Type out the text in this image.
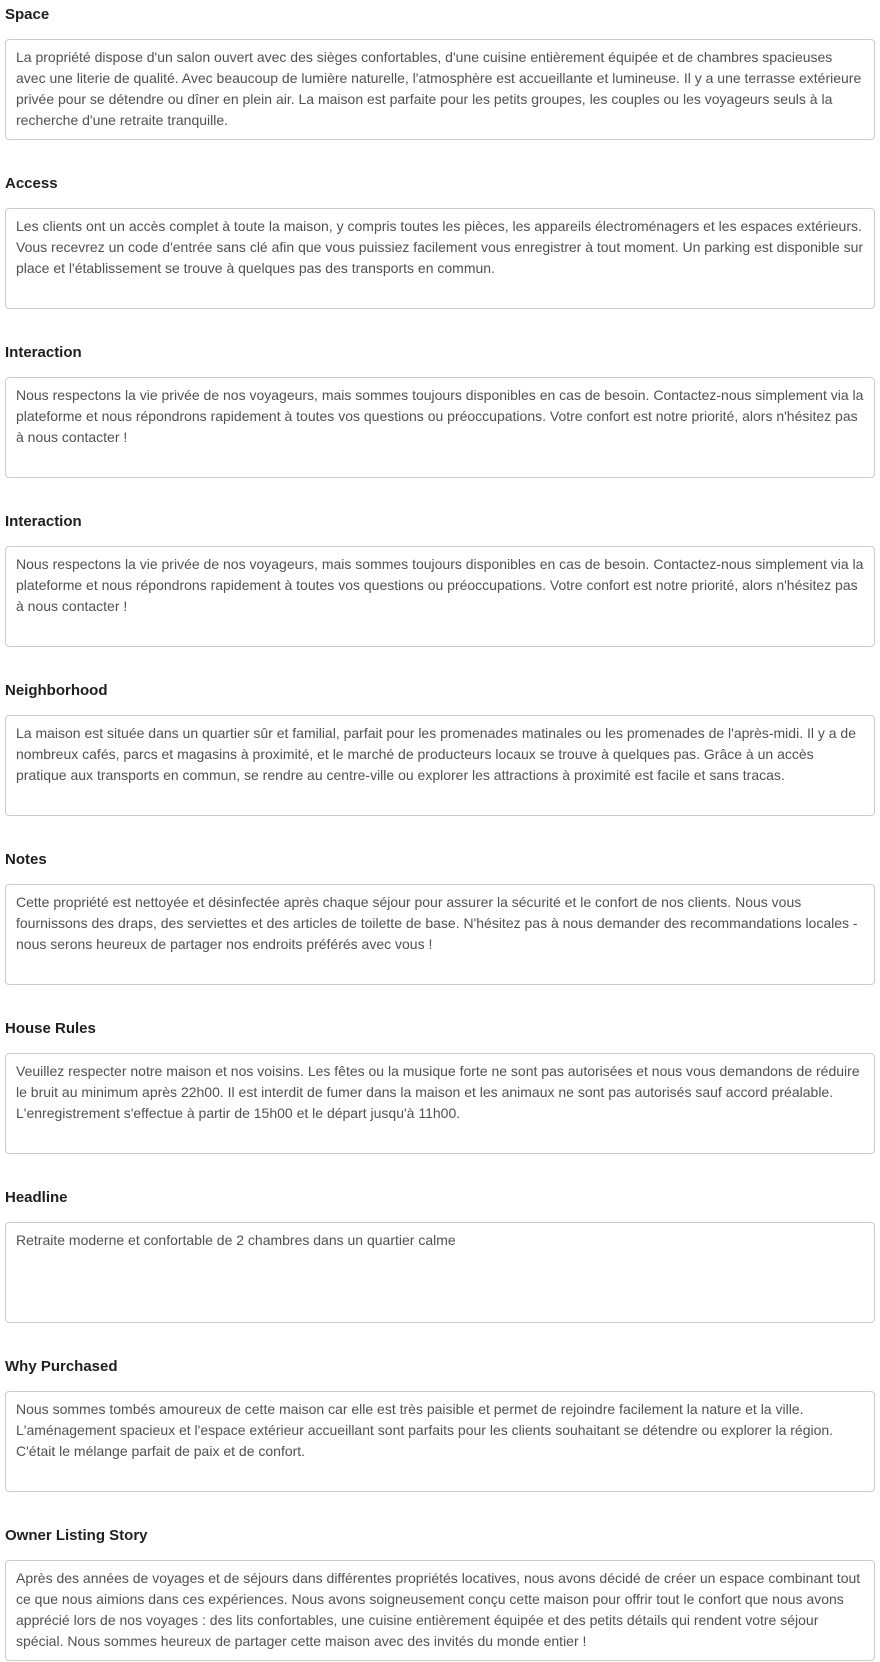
Space
La propriété dispose d'un salon ouvert avec des sièges confortables, d'une cuisine entièrement équipée et de chambres spacieuses avec une literie de qualité. Avec beaucoup de lumière naturelle, l'atmosphère est accueillante et lumineuse. Il y a une terrasse extérieure privée pour se détendre ou dîner en plein air. La maison est parfaite pour les petits groupes, les couples ou les voyageurs seuls à la recherche d'une retraite tranquille.
Access
Les clients ont un accès complet à toute la maison, y compris toutes les pièces, les appareils électroménagers et les espaces extérieurs. Vous recevrez un code d'entrée sans clé afin que vous puissiez facilement vous enregistrer à tout moment. Un parking est disponible sur place et l'établissement se trouve à quelques pas des transports en commun.
Interaction
Nous respectons la vie privée de nos voyageurs, mais sommes toujours disponibles en cas de besoin. Contactez-nous simplement via la plateforme et nous répondrons rapidement à toutes vos questions ou préoccupations. Votre confort est notre priorité, alors n'hésitez pas à nous contacter !
Interaction
Nous respectons la vie privée de nos voyageurs, mais sommes toujours disponibles en cas de besoin. Contactez-nous simplement via la plateforme et nous répondrons rapidement à toutes vos questions ou préoccupations. Votre confort est notre priorité, alors n'hésitez pas à nous contacter !
Neighborhood
La maison est située dans un quartier sûr et familial, parfait pour les promenades matinales ou les promenades de l'après-midi. Il y a de nombreux cafés, parcs et magasins à proximité, et le marché de producteurs locaux se trouve à quelques pas. Grâce à un accès pratique aux transports en commun, se rendre au centre-ville ou explorer les attractions à proximité est facile et sans tracas.
Notes
Cette propriété est nettoyée et désinfectée après chaque séjour pour assurer la sécurité et le confort de nos clients. Nous vous fournissons des draps, des serviettes et des articles de toilette de base. N'hésitez pas à nous demander des recommandations locales - nous serons heureux de partager nos endroits préférés avec vous !
House Rules
Veuillez respecter notre maison et nos voisins. Les fêtes ou la musique forte ne sont pas autorisées et nous vous demandons de réduire le bruit au minimum après 22h00. Il est interdit de fumer dans la maison et les animaux ne sont pas autorisés sauf accord préalable. L'enregistrement s'effectue à partir de 15h00 et le départ jusqu'à 11h00.
Headline
Retraite moderne et confortable de 2 chambres dans un quartier calme
Why Purchased
Nous sommes tombés amoureux de cette maison car elle est très paisible et permet de rejoindre facilement la nature et la ville. L'aménagement spacieux et l'espace extérieur accueillant sont parfaits pour les clients souhaitant se détendre ou explorer la région. C'était le mélange parfait de paix et de confort.
Owner Listing Story
Après des années de voyages et de séjours dans différentes propriétés locatives, nous avons décidé de créer un espace combinant tout ce que nous aimions dans ces expériences. Nous avons soigneusement conçu cette maison pour offrir tout le confort que nous avons apprécié lors de nos voyages : des lits confortables, une cuisine entièrement équipée et des petits détails qui rendent votre séjour spécial. Nous sommes heureux de partager cette maison avec des invités du monde entier !
